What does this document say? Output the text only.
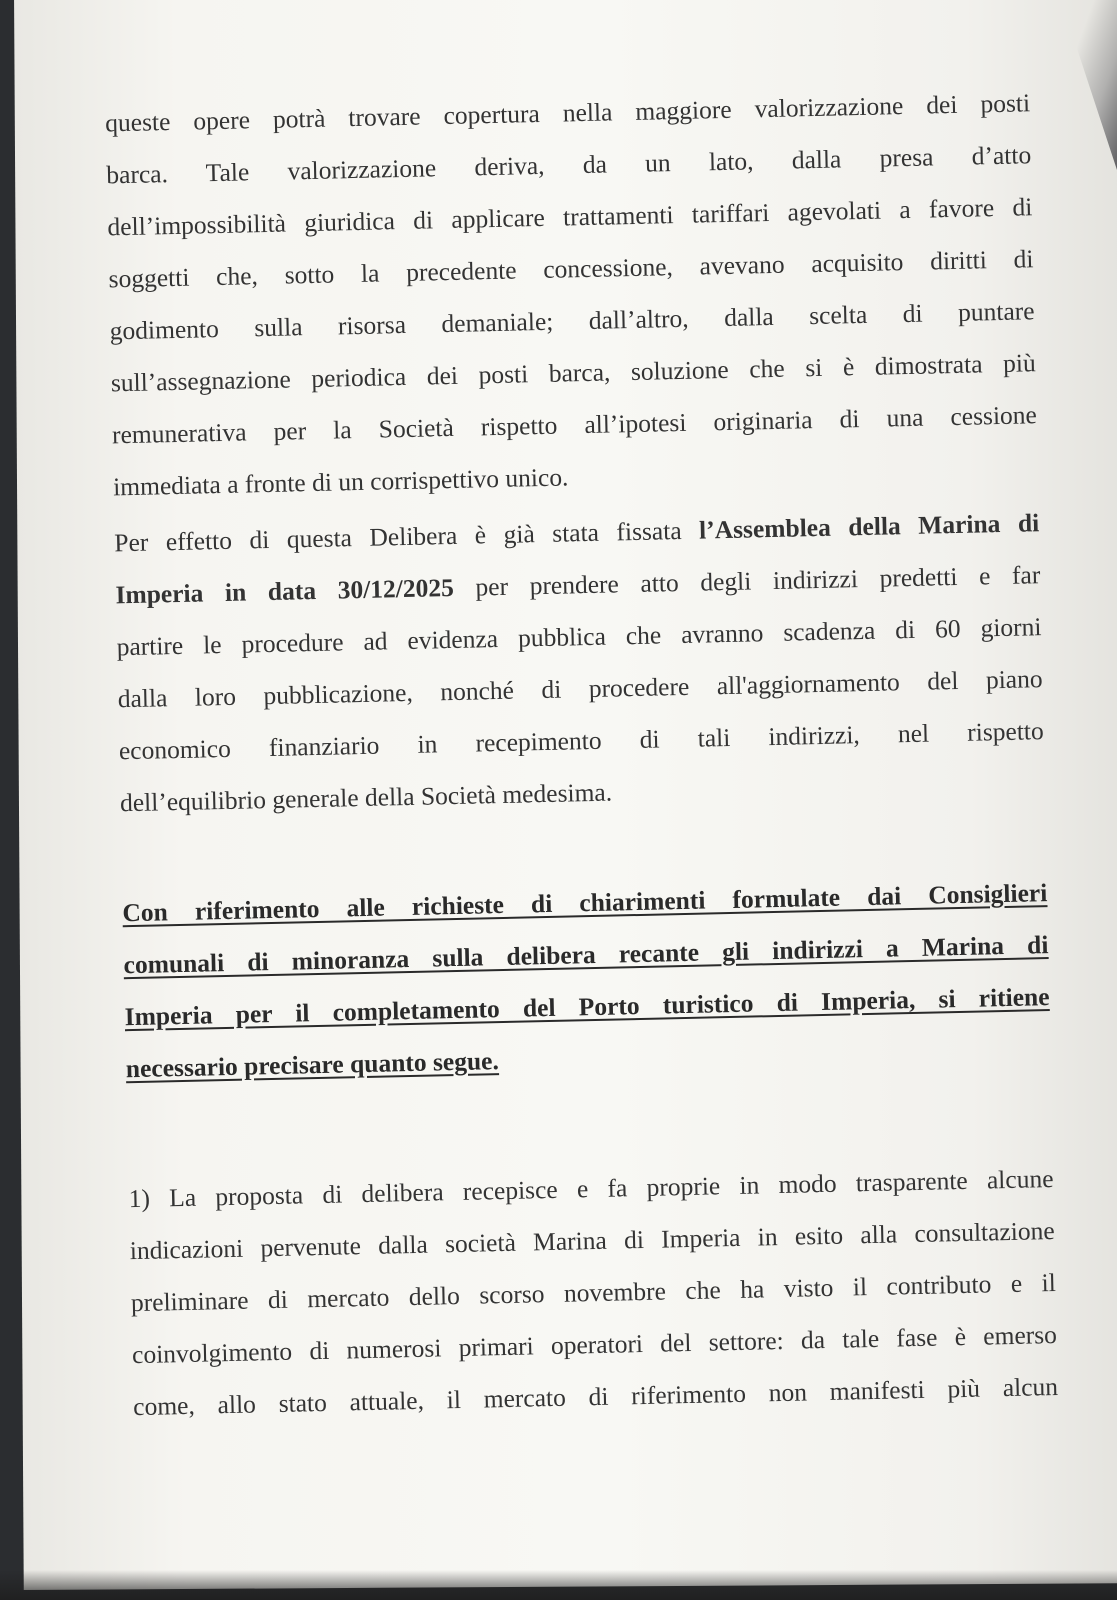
queste opere potrà trovare copertura nella maggiore valorizzazione dei posti
barca. Tale valorizzazione deriva, da un lato, dalla presa d’atto
dell’impossibilità giuridica di applicare trattamenti tariffari agevolati a favore di
soggetti che, sotto la precedente concessione, avevano acquisito diritti di
godimento sulla risorsa demaniale; dall’altro, dalla scelta di puntare
sull’assegnazione periodica dei posti barca, soluzione che si è dimostrata più
remunerativa per la Società rispetto all’ipotesi originaria di una cessione
immediata a fronte di un corrispettivo unico.
Per effetto di questa Delibera è già stata fissata l’Assemblea della Marina di
Imperia in data 30/12/2025 per prendere atto degli indirizzi predetti e far
partire le procedure ad evidenza pubblica che avranno scadenza di 60 giorni
dalla loro pubblicazione, nonché di procedere all'aggiornamento del piano
economico finanziario in recepimento di tali indirizzi, nel rispetto
dell’equilibrio generale della Società medesima.
Con riferimento alle richieste di chiarimenti formulate dai Consiglieri
comunali di minoranza sulla delibera recante gli indirizzi a Marina di
Imperia per il completamento del Porto turistico di Imperia, si ritiene
necessario precisare quanto segue.
1) La proposta di delibera recepisce e fa proprie in modo trasparente alcune
indicazioni pervenute dalla società Marina di Imperia in esito alla consultazione
preliminare di mercato dello scorso novembre che ha visto il contributo e il
coinvolgimento di numerosi primari operatori del settore: da tale fase è emerso
come, allo stato attuale, il mercato di riferimento non manifesti più alcun
